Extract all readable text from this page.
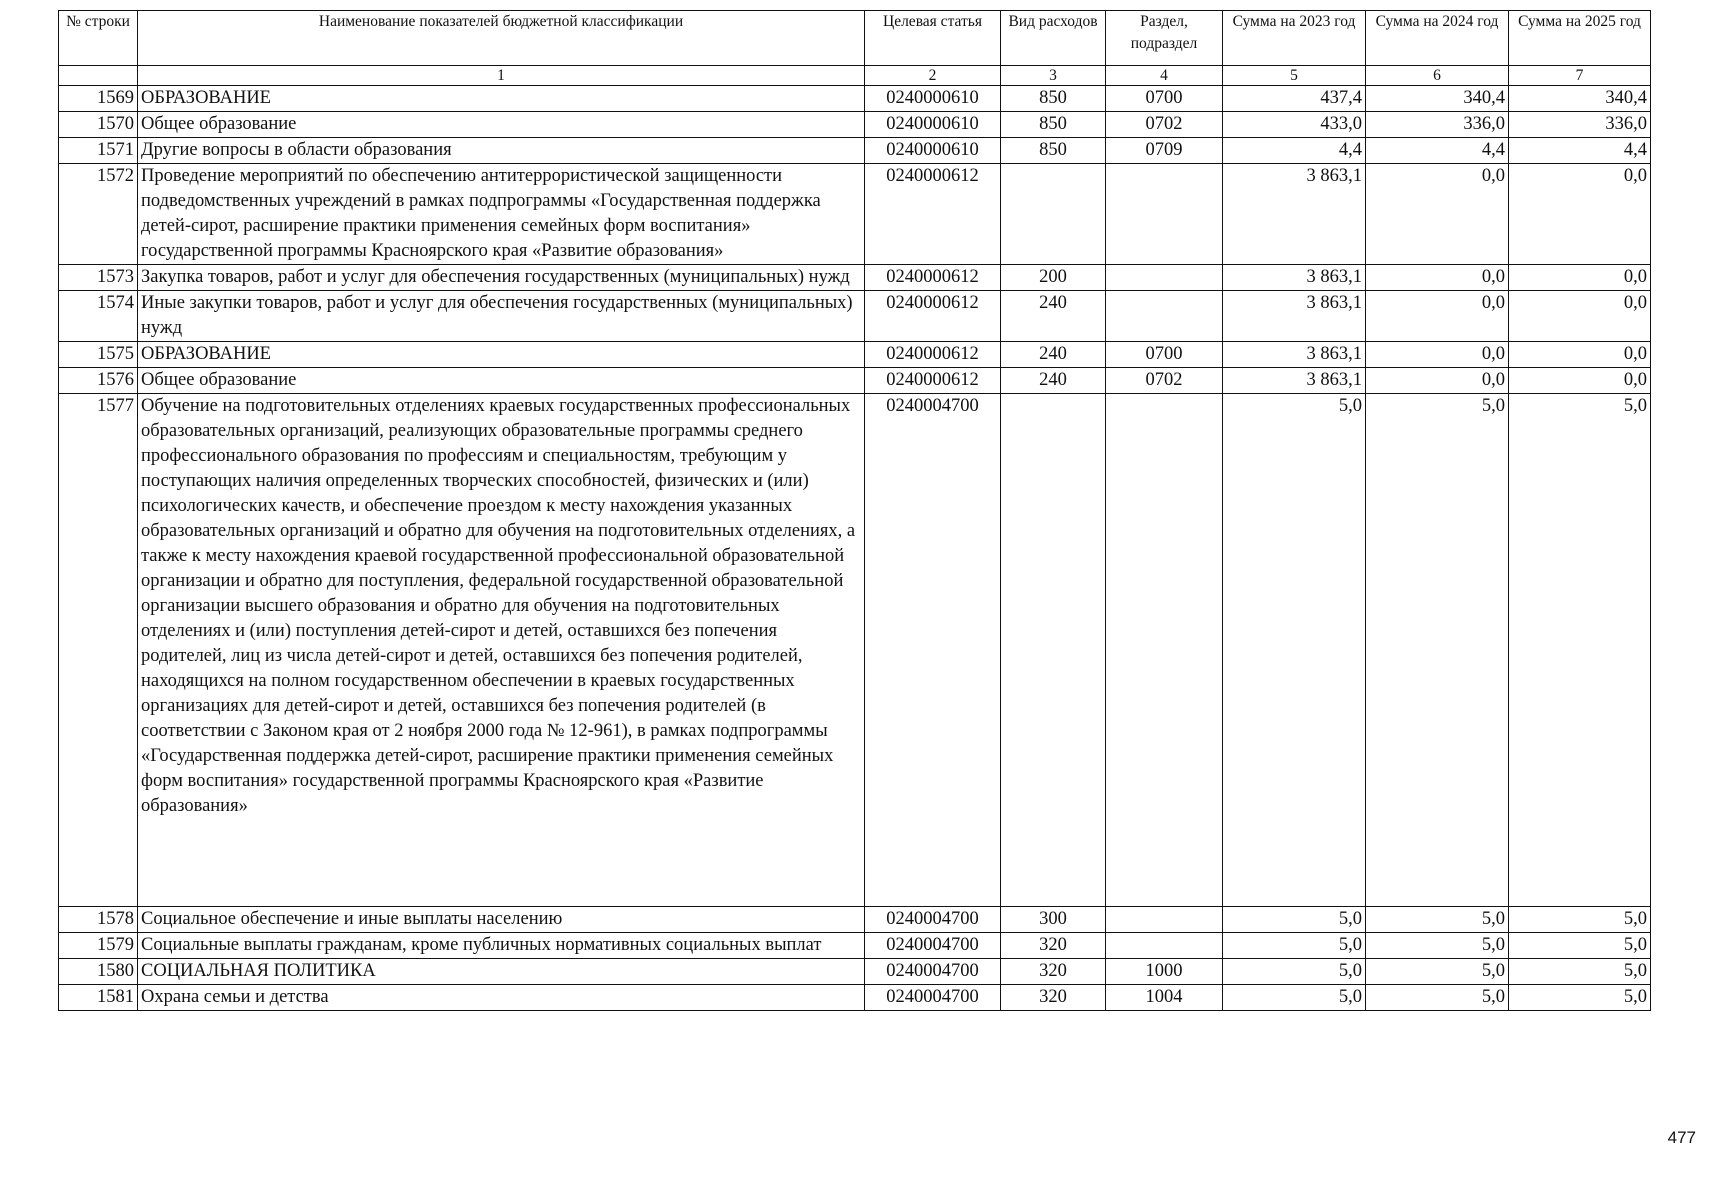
№ строки	Наименование показателей бюджетной классификации	Целевая статья	Вид расходов	Раздел, подраздел	Сумма на 2023 год	Сумма на 2024 год	Сумма на 2025 год
	1	2	3	4	5	6	7
1569	ОБРАЗОВАНИЕ	0240000610	850	0700	437,4	340,4	340,4
1570	Общее образование	0240000610	850	0702	433,0	336,0	336,0
1571	Другие вопросы в области образования	0240000610	850	0709	4,4	4,4	4,4
1572	Проведение мероприятий по обеспечению антитеррористической защищенности подведомственных учреждений в рамках подпрограммы «Государственная поддержка детей-сирот, расширение практики применения семейных форм воспитания» государственной программы Красноярского края «Развитие образования»	0240000612			3 863,1	0,0	0,0
1573	Закупка товаров, работ и услуг для обеспечения государственных (муниципальных) нужд	0240000612	200		3 863,1	0,0	0,0
1574	Иные закупки товаров, работ и услуг для обеспечения государственных (муниципальных) нужд	0240000612	240		3 863,1	0,0	0,0
1575	ОБРАЗОВАНИЕ	0240000612	240	0700	3 863,1	0,0	0,0
1576	Общее образование	0240000612	240	0702	3 863,1	0,0	0,0
1577	Обучение на подготовительных отделениях краевых государственных профессиональных образовательных организаций, реализующих образовательные программы среднего профессионального образования по профессиям и специальностям, требующим у поступающих наличия определенных творческих способностей, физических и (или) психологических качеств, и обеспечение проездом к месту нахождения указанных образовательных организаций и обратно для обучения на подготовительных отделениях, а также к месту нахождения краевой государственной профессиональной образовательной организации и обратно для поступления, федеральной государственной образовательной организации высшего образования и обратно для обучения на подготовительных отделениях и (или) поступления детей-сирот и детей, оставшихся без попечения родителей, лиц из числа детей-сирот и детей, оставшихся без попечения родителей, находящихся на полном государственном обеспечении в краевых государственных организациях для детей-сирот и детей, оставшихся без попечения родителей (в соответствии с Законом края от 2 ноября 2000 года № 12-961), в рамках подпрограммы «Государственная поддержка детей-сирот, расширение практики применения семейных форм воспитания» государственной программы Красноярского края «Развитие образования»	0240004700			5,0	5,0	5,0
1578	Социальное обеспечение и иные выплаты населению	0240004700	300		5,0	5,0	5,0
1579	Социальные выплаты гражданам, кроме публичных нормативных социальных выплат	0240004700	320		5,0	5,0	5,0
1580	СОЦИАЛЬНАЯ ПОЛИТИКА	0240004700	320	1000	5,0	5,0	5,0
1581	Охрана семьи и детства	0240004700	320	1004	5,0	5,0	5,0
477
